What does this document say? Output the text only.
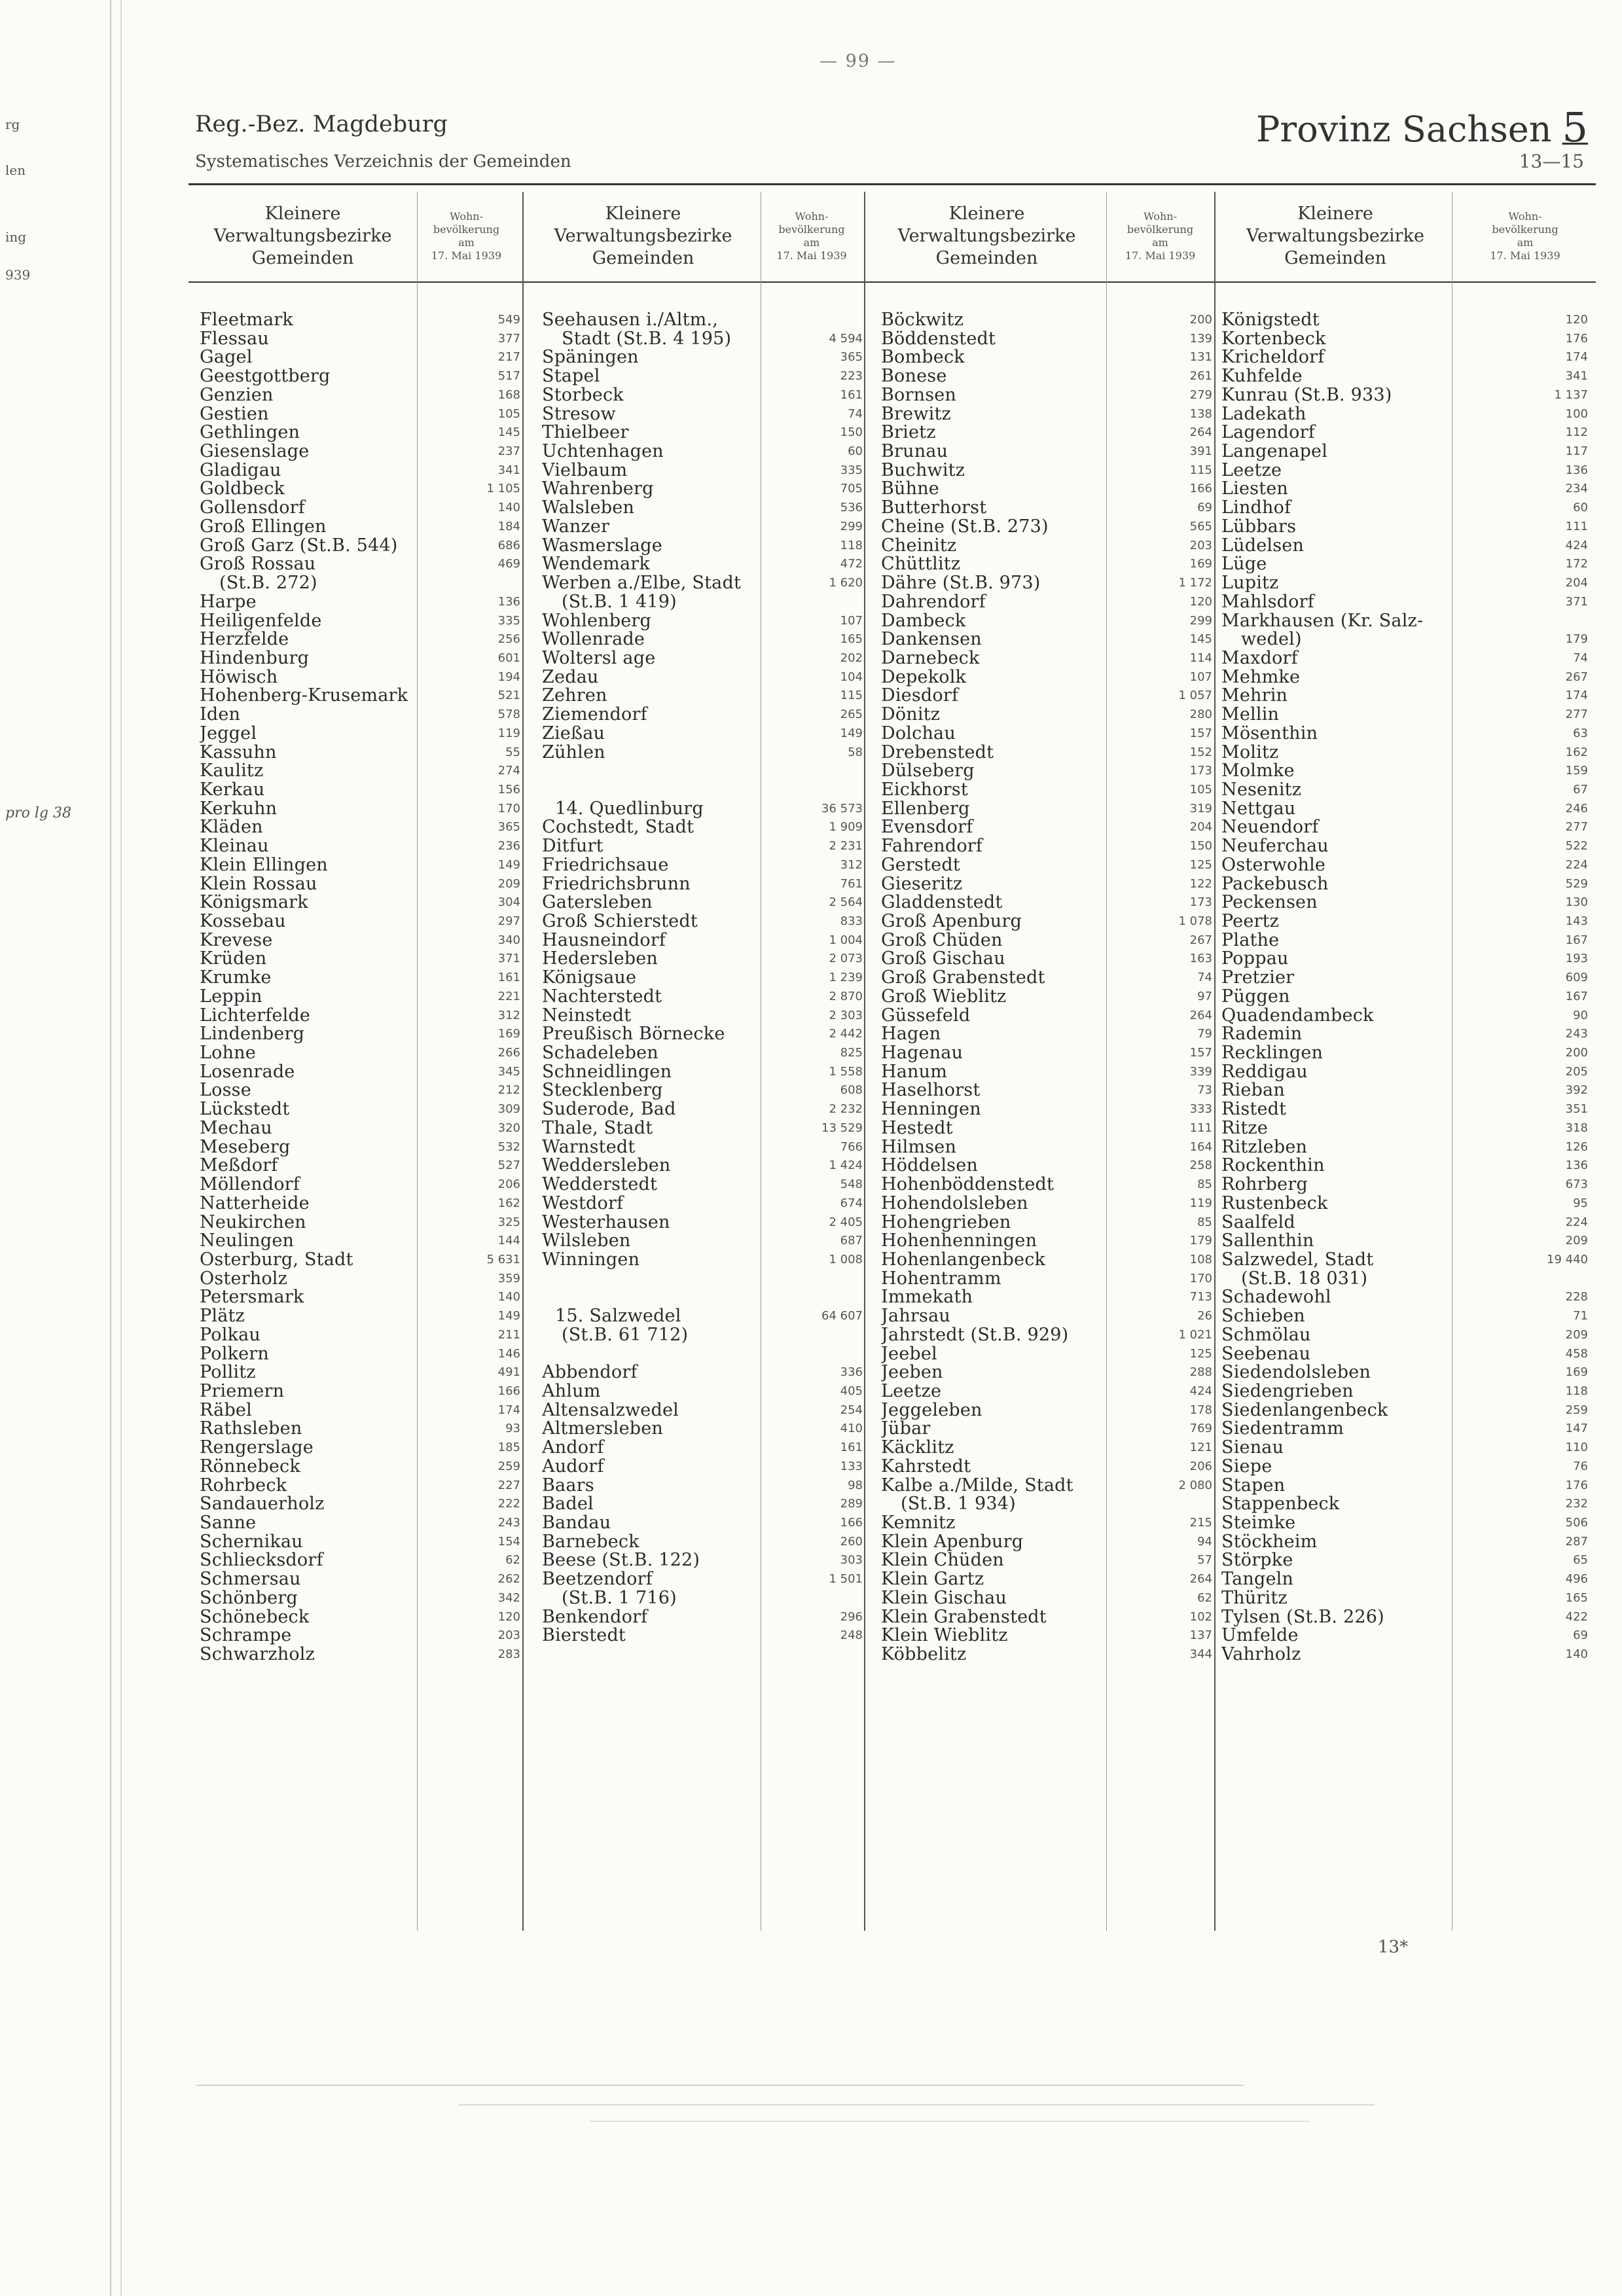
rg
len
ing
939
pro lg 38
— 99 —
Reg.-Bez. Magdeburg
Systematisches Verzeichnis der Gemeinden
Provinz Sachsen 5
13—15
Kleinere
Verwaltungsbezirke
Gemeinden
Wohn-
bevölkerung
am
17. Mai 1939
Kleinere
Verwaltungsbezirke
Gemeinden
Wohn-
bevölkerung
am
17. Mai 1939
Kleinere
Verwaltungsbezirke
Gemeinden
Wohn-
bevölkerung
am
17. Mai 1939
Kleinere
Verwaltungsbezirke
Gemeinden
Wohn-
bevölkerung
am
17. Mai 1939
Fleetmark	549
Flessau	377
Gagel	217
Geestgottberg	517
Genzien	168
Gestien	105
Gethlingen	145
Giesenslage	237
Gladigau	341
Goldbeck	1 105
Gollensdorf	140
Groß Ellingen	184
Groß Garz (St.B. 544)	686
Groß Rossau	469
(St.B. 272)
Harpe	136
Heiligenfelde	335
Herzfelde	256
Hindenburg	601
Höwisch	194
Hohenberg-Krusemark	521
Iden	578
Jeggel	119
Kassuhn	55
Kaulitz	274
Kerkau	156
Kerkuhn	170
Kläden	365
Kleinau	236
Klein Ellingen	149
Klein Rossau	209
Königsmark	304
Kossebau	297
Krevese	340
Krüden	371
Krumke	161
Leppin	221
Lichterfelde	312
Lindenberg	169
Lohne	266
Losenrade	345
Losse	212
Lückstedt	309
Mechau	320
Meseberg	532
Meßdorf	527
Möllendorf	206
Natterheide	162
Neukirchen	325
Neulingen	144
Osterburg, Stadt	5 631
Osterholz	359
Petersmark	140
Plätz	149
Polkau	211
Polkern	146
Pollitz	491
Priemern	166
Räbel	174
Rathsleben	93
Rengerslage	185
Rönnebeck	259
Rohrbeck	227
Sandauerholz	222
Sanne	243
Schernikau	154
Schliecksdorf	62
Schmersau	262
Schönberg	342
Schönebeck	120
Schrampe	203
Schwarzholz	283
Seehausen i./Altm.,
Stadt (St.B. 4 195)	4 594
Späningen	365
Stapel	223
Storbeck	161
Stresow	74
Thielbeer	150
Uchtenhagen	60
Vielbaum	335
Wahrenberg	705
Walsleben	536
Wanzer	299
Wasmerslage	118
Wendemark	472
Werben a./Elbe, Stadt	1 620
(St.B. 1 419)
Wohlenberg	107
Wollenrade	165
Woltersl age	202
Zedau	104
Zehren	115
Ziemendorf	265
Zießau	149
Zühlen	58
14. Quedlinburg	36 573
Cochstedt, Stadt	1 909
Ditfurt	2 231
Friedrichsaue	312
Friedrichsbrunn	761
Gatersleben	2 564
Groß Schierstedt	833
Hausneindorf	1 004
Hedersleben	2 073
Königsaue	1 239
Nachterstedt	2 870
Neinstedt	2 303
Preußisch Börnecke	2 442
Schadeleben	825
Schneidlingen	1 558
Stecklenberg	608
Suderode, Bad	2 232
Thale, Stadt	13 529
Warnstedt	766
Weddersleben	1 424
Wedderstedt	548
Westdorf	674
Westerhausen	2 405
Wilsleben	687
Winningen	1 008
15. Salzwedel	64 607
(St.B. 61 712)
Abbendorf	336
Ahlum	405
Altensalzwedel	254
Altmersleben	410
Andorf	161
Audorf	133
Baars	98
Badel	289
Bandau	166
Barnebeck	260
Beese (St.B. 122)	303
Beetzendorf	1 501
(St.B. 1 716)
Benkendorf	296
Bierstedt	248
Böckwitz	200
Böddenstedt	139
Bombeck	131
Bonese	261
Bornsen	279
Brewitz	138
Brietz	264
Brunau	391
Buchwitz	115
Bühne	166
Butterhorst	69
Cheine (St.B. 273)	565
Cheinitz	203
Chüttlitz	169
Dähre (St.B. 973)	1 172
Dahrendorf	120
Dambeck	299
Dankensen	145
Darnebeck	114
Depekolk	107
Diesdorf	1 057
Dönitz	280
Dolchau	157
Drebenstedt	152
Dülseberg	173
Eickhorst	105
Ellenberg	319
Evensdorf	204
Fahrendorf	150
Gerstedt	125
Gieseritz	122
Gladdenstedt	173
Groß Apenburg	1 078
Groß Chüden	267
Groß Gischau	163
Groß Grabenstedt	74
Groß Wieblitz	97
Güssefeld	264
Hagen	79
Hagenau	157
Hanum	339
Haselhorst	73
Henningen	333
Hestedt	111
Hilmsen	164
Höddelsen	258
Hohenböddenstedt	85
Hohendolsleben	119
Hohengrieben	85
Hohenhenningen	179
Hohenlangenbeck	108
Hohentramm	170
Immekath	713
Jahrsau	26
Jahrstedt (St.B. 929)	1 021
Jeebel	125
Jeeben	288
Leetze	424
Jeggeleben	178
Jübar	769
Käcklitz	121
Kahrstedt	206
Kalbe a./Milde, Stadt	2 080
(St.B. 1 934)
Kemnitz	215
Klein Apenburg	94
Klein Chüden	57
Klein Gartz	264
Klein Gischau	62
Klein Grabenstedt	102
Klein Wieblitz	137
Köbbelitz	344
Königstedt	120
Kortenbeck	176
Kricheldorf	174
Kuhfelde	341
Kunrau (St.B. 933)	1 137
Ladekath	100
Lagendorf	112
Langenapel	117
Leetze	136
Liesten	234
Lindhof	60
Lübbars	111
Lüdelsen	424
Lüge	172
Lupitz	204
Mahlsdorf	371
Markhausen (Kr. Salz-
wedel)	179
Maxdorf	74
Mehmke	267
Mehrin	174
Mellin	277
Mösenthin	63
Molitz	162
Molmke	159
Nesenitz	67
Nettgau	246
Neuendorf	277
Neuferchau	522
Osterwohle	224
Packebusch	529
Peckensen	130
Peertz	143
Plathe	167
Poppau	193
Pretzier	609
Püggen	167
Quadendambeck	90
Rademin	243
Recklingen	200
Reddigau	205
Rieban	392
Ristedt	351
Ritze	318
Ritzleben	126
Rockenthin	136
Rohrberg	673
Rustenbeck	95
Saalfeld	224
Sallenthin	209
Salzwedel, Stadt	19 440
(St.B. 18 031)
Schadewohl	228
Schieben	71
Schmölau	209
Seebenau	458
Siedendolsleben	169
Siedengrieben	118
Siedenlangenbeck	259
Siedentramm	147
Sienau	110
Siepe	76
Stapen	176
Stappenbeck	232
Steimke	506
Stöckheim	287
Störpke	65
Tangeln	496
Thüritz	165
Tylsen (St.B. 226)	422
Umfelde	69
Vahrholz	140
13*
